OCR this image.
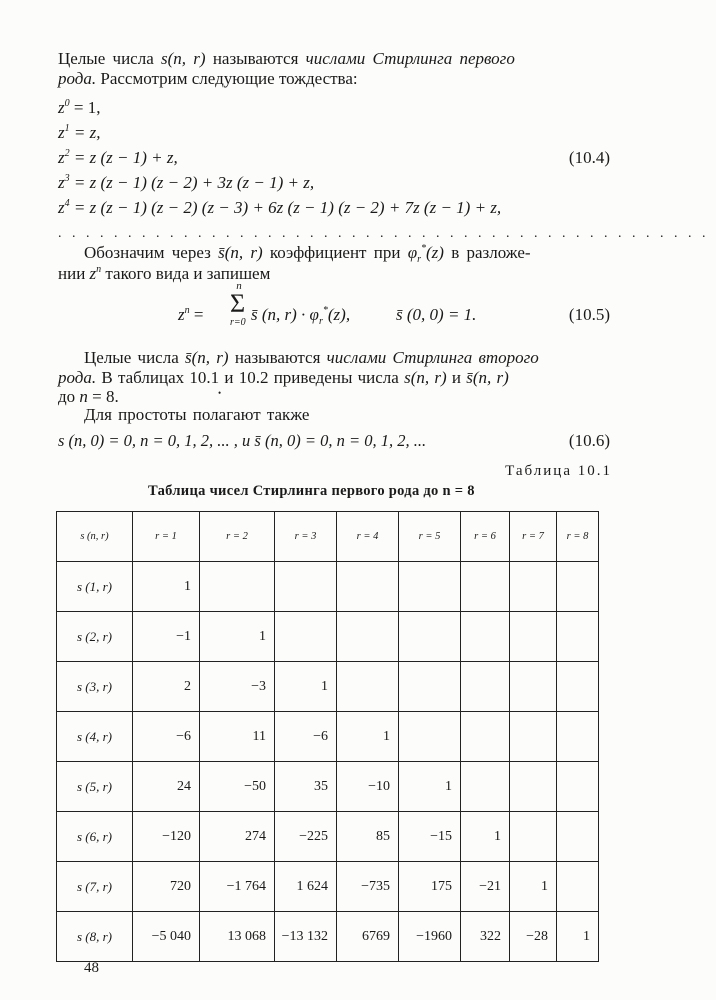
Целые числа s(n, r) называются числами Стирлинга первого
рода. Рассмотрим следующие тождества:
$z^0 = 1$,
$z^1 = z$,
$z^2 = z$ (z − 1) + z,	(10.4)
$z^3 = z$ (z − 1) (z − 2) + 3z (z − 1) + z,
$z^4 = z$ (z − 1) (z − 2) (z − 3) + 6z (z − 1) (z − 2) + 7z (z − 1) + z,
...............................................
Обозначим через s̄(n, r) коэффициент при $\varphi_r^*(z)$ в разложе-
нии $z^n$ такого вида и запишем
$z^n$ =
n
Σ
r=0 s̄ (n, $r) \cdot \varphi_r^*(z)$,	s̄ (0, 0) = 1.	(10.5)
Целые числа s̄(n, r) называются числами Стирлинга второго
рода. В таблицах 10.1 и 10.2 приведены числа s(n, r) и s̄(n, r)
до n = 8.	•
Для простоты полагают также
s (n, 0) = 0, n = 0, 1, 2, ... , и s̄ (n, 0) = 0, n = 0, 1, 2, ...	(10.6)
Таблица 10.1
Таблица чисел Стирлинга первого рода до n = 8
s (n, r)	r = 1	r = 2	r = 3	r = 4	r = 5	r = 6	r = 7	r = 8
s (1, r)	1							
s (2, r)	−1	1						
s (3, r)	2	−3	1					
s (4, r)	−6	11	−6	1				
s (5, r)	24	−50	35	−10	1			
s (6, r)	−120	274	−225	85	−15	1		
s (7, r)	720	−1 764	1 624	−735	175	−21	1	
s (8, r)	−5 040	13 068	−13 132	6769	−1960	322	−28	1
48
